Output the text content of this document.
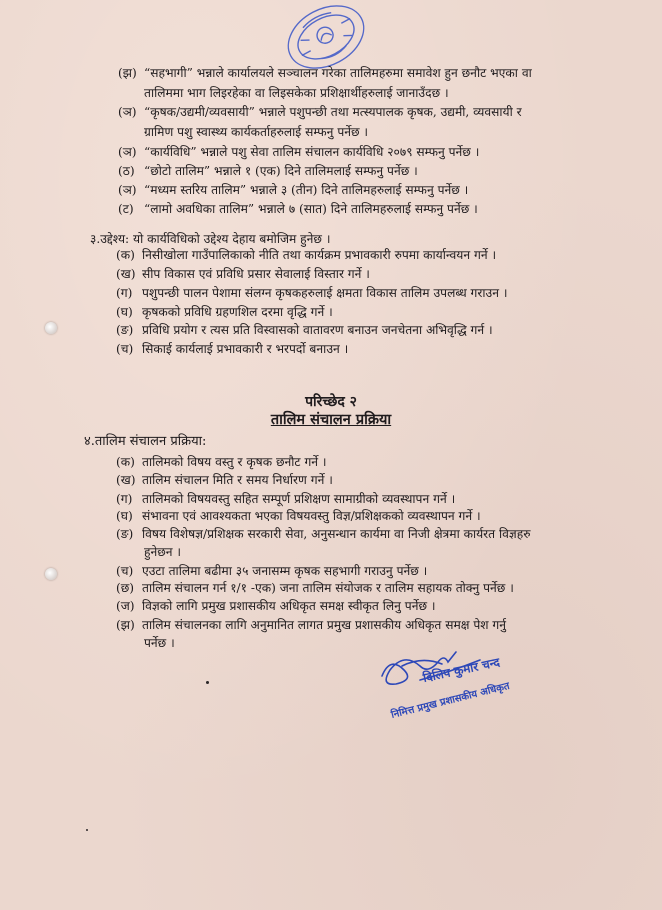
(झ) “सहभागी” भन्नाले कार्यालयले सञ्चालन गरेका तालिमहरुमा समावेश हुन छनौट भएका वा
तालिममा भाग लिइरहेका वा लिइसकेका प्रशिक्षार्थीहरुलाई जानाउँदछ ।
(ञ) “कृषक/उद्यमी/व्यवसायी” भन्नाले पशुपन्छी तथा मत्स्यपालक कृषक, उद्यमी, व्यवसायी र
ग्रामिण पशु स्वास्थ्य कार्यकर्ताहरुलाई सम्फनु पर्नेछ ।
(ञ) “कार्यविधि” भन्नाले पशु सेवा तालिम संचालन कार्यविधि २०७९ सम्फनु पर्नेछ ।
(ठ) “छोटो तालिम” भन्नाले १ (एक) दिने तालिमलाई सम्फनु पर्नेछ ।
(ञ) “मध्यम स्तरिय तालिम” भन्नाले ३ (तीन) दिने तालिमहरुलाई सम्फनु पर्नेछ ।
(ट) “लामो अवधिका तालिम” भन्नाले ७ (सात) दिने तालिमहरुलाई सम्फनु पर्नेछ ।
३.उद्देश्य: यो कार्यविधिको उद्देश्य देहाय बमोजिम हुनेछ ।
(क) निसीखोला गाउँपालिकाको नीति तथा कार्यक्रम प्रभावकारी रुपमा कार्यान्वयन गर्ने ।
(ख) सीप विकास एवं प्रविधि प्रसार सेवालाई विस्तार गर्ने ।
(ग) पशुपन्छी पालन पेशामा संलग्न कृषकहरुलाई क्षमता विकास तालिम उपलब्ध गराउन ।
(घ) कृषकको प्रविधि ग्रहणशिल दरमा वृद्धि गर्ने ।
(ङ) प्रविधि प्रयोग र त्यस प्रति विस्वासको वातावरण बनाउन जनचेतना अभिवृद्धि गर्न ।
(च) सिकाई कार्यलाई प्रभावकारी र भरपर्दो बनाउन ।
परिच्छेद २
तालिम संचालन प्रक्रिया
४.तालिम संचालन प्रक्रिया:
(क) तालिमको विषय वस्तु र कृषक छनौट गर्ने ।
(ख) तालिम संचालन मिति र समय निर्धारण गर्ने ।
(ग) तालिमको विषयवस्तु सहित सम्पूर्ण प्रशिक्षण सामाग्रीको व्यवस्थापन गर्ने ।
(घ) संभावना एवं आवश्यकता भएका विषयवस्तु विज्ञ/प्रशिक्षकको व्यवस्थापन गर्ने ।
(ङ) विषय विशेषज्ञ/प्रशिक्षक सरकारी सेवा, अनुसन्धान कार्यमा वा निजी क्षेत्रमा कार्यरत विज्ञहरु
हुनेछन ।
(च) एउटा तालिमा बढीमा ३५ जनासम्म कृषक सहभागी गराउनु पर्नेछ ।
(छ) तालिम संचालन गर्न १/१ -एक) जना तालिम संयोजक र तालिम सहायक तोक्नु पर्नेछ ।
(ज) विज्ञको लागि प्रमुख प्रशासकीय अधिकृत समक्ष स्वीकृत लिनु पर्नेछ ।
(झ) तालिम संचालनका लागि अनुमानित लागत प्रमुख प्रशासकीय अधिकृत समक्ष पेश गर्नु
पर्नेछ ।
दिलिप कुमार चन्द
निमित्त प्रमुख प्रशासकीय अधिकृत
